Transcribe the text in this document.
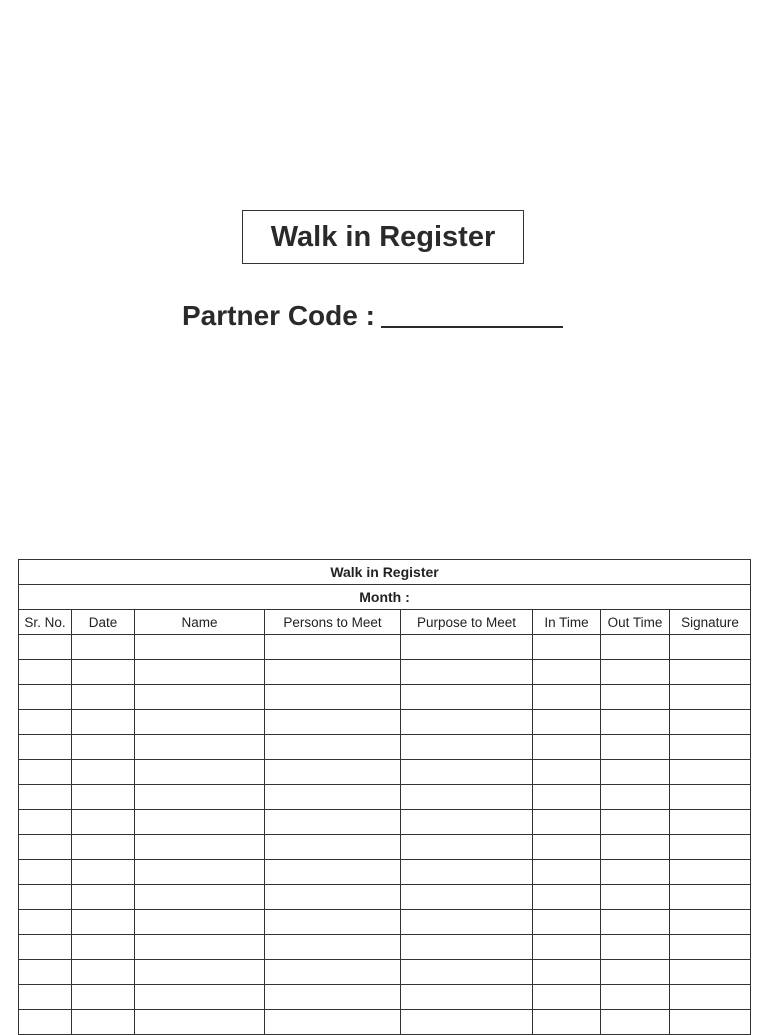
Walk in Register
Partner Code :
Walk in Register							
Month :							
Sr. No.	Date	Name	Persons to Meet	Purpose to Meet	In Time	Out Time	Signature
